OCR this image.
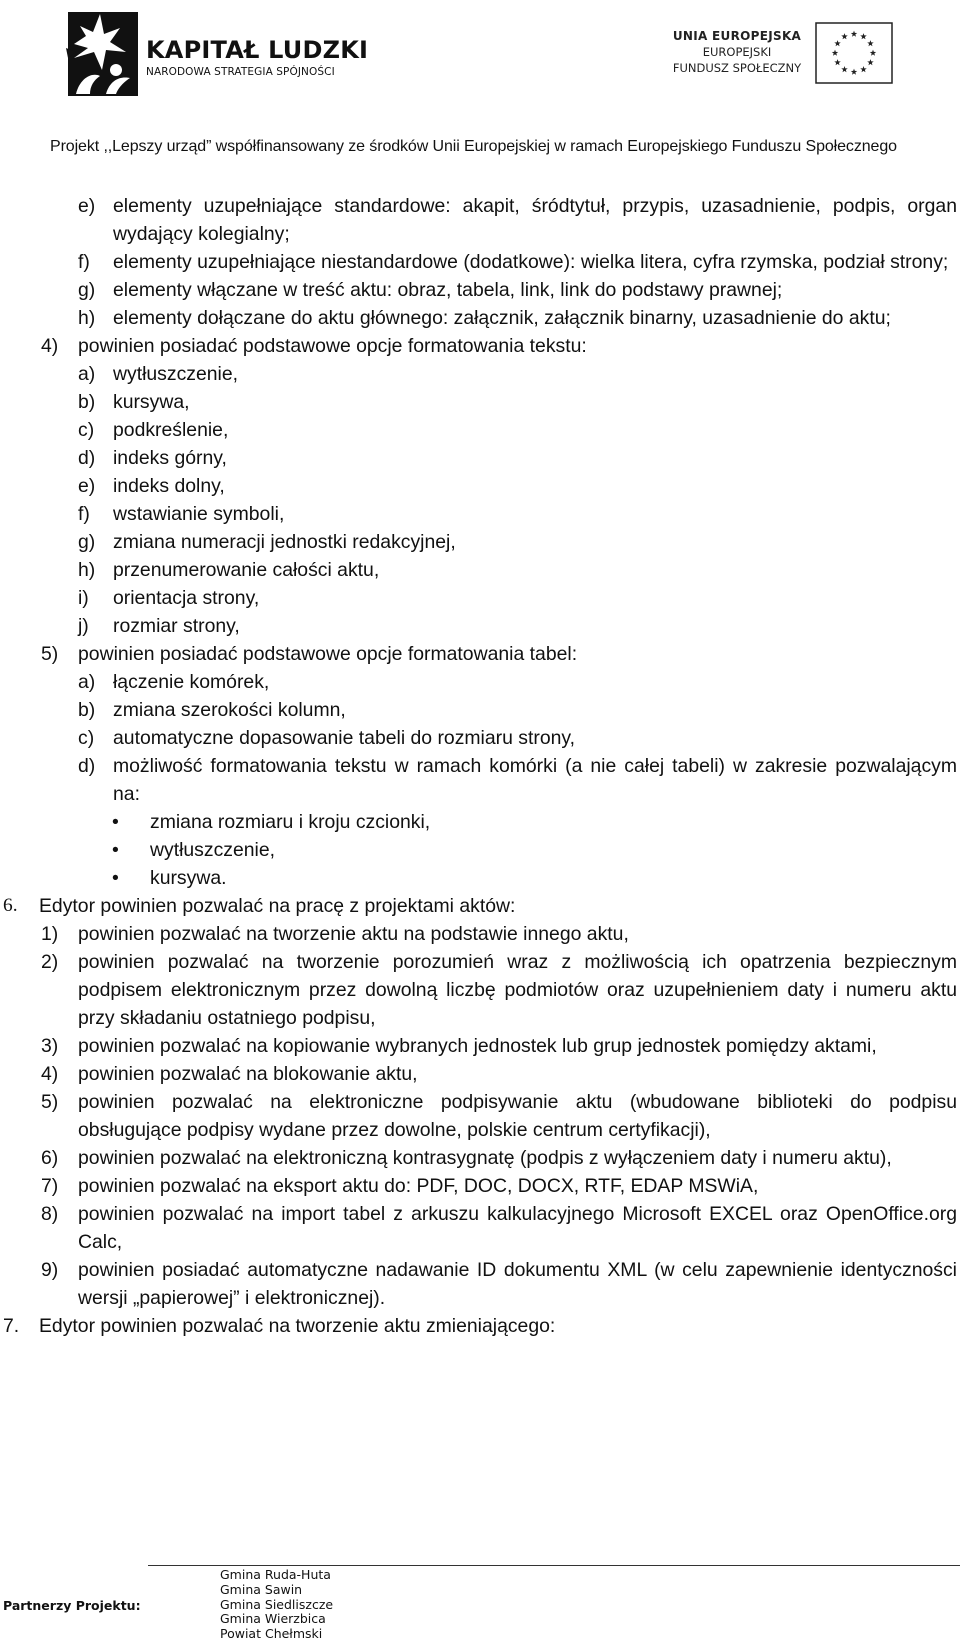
KAPITAŁ LUDZKI
NARODOWA STRATEGIA SPÓJNOŚCI
UNIA EUROPEJSKA
EUROPEJSKI
FUNDUSZ SPOŁECZNY
Projekt ,,Lepszy urząd” współfinansowany ze środków Unii Europejskiej w ramach Europejskiego Funduszu Społecznego
e) elementy uzupełniające standardowe: akapit, śródtytuł, przypis, uzasadnienie, podpis, organ wydający kolegialny;
f) elementy uzupełniające niestandardowe (dodatkowe): wielka litera, cyfra rzymska, podział strony;
g) elementy włączane w treść aktu: obraz, tabela, link, link do podstawy prawnej;
h) elementy dołączane do aktu głównego: załącznik, załącznik binarny, uzasadnienie do aktu;
4) powinien posiadać podstawowe opcje formatowania tekstu:
a) wytłuszczenie,
b) kursywa,
c) podkreślenie,
d) indeks górny,
e) indeks dolny,
f) wstawianie symboli,
g) zmiana numeracji jednostki redakcyjnej,
h) przenumerowanie całości aktu,
i) orientacja strony,
j) rozmiar strony,
5) powinien posiadać podstawowe opcje formatowania tabel:
a) łączenie komórek,
b) zmiana szerokości kolumn,
c) automatyczne dopasowanie tabeli do rozmiaru strony,
d) możliwość formatowania tekstu w ramach komórki (a nie całej tabeli) w zakresie pozwalającym na:
• zmiana rozmiaru i kroju czcionki,
• wytłuszczenie,
• kursywa.
6. Edytor powinien pozwalać na pracę z projektami aktów:
1) powinien pozwalać na tworzenie aktu na podstawie innego aktu,
2) powinien pozwalać na tworzenie porozumień wraz z możliwością ich opatrzenia bezpiecznym podpisem elektronicznym przez dowolną liczbę podmiotów oraz uzupełnieniem daty i numeru aktu przy składaniu ostatniego podpisu,
3) powinien pozwalać na kopiowanie wybranych jednostek lub grup jednostek pomiędzy aktami,
4) powinien pozwalać na blokowanie aktu,
5) powinien pozwalać na elektroniczne podpisywanie aktu (wbudowane biblioteki do podpisu obsługujące podpisy wydane przez dowolne, polskie centrum certyfikacji),
6) powinien pozwalać na elektroniczną kontrasygnatę (podpis z wyłączeniem daty i numeru aktu),
7) powinien pozwalać na eksport aktu do: PDF, DOC, DOCX, RTF, EDAP MSWiA,
8) powinien pozwalać na import tabel z arkuszu kalkulacyjnego Microsoft EXCEL oraz OpenOffice.org Calc,
9) powinien posiadać automatyczne nadawanie ID dokumentu XML (w celu zapewnienie identyczności wersji „papierowej” i elektronicznej).
7. Edytor powinien pozwalać na tworzenie aktu zmieniającego:
Partnerzy Projektu:
Gmina Ruda-Huta
Gmina Sawin
Gmina Siedliszcze
Gmina Wierzbica
Powiat Chełmski
